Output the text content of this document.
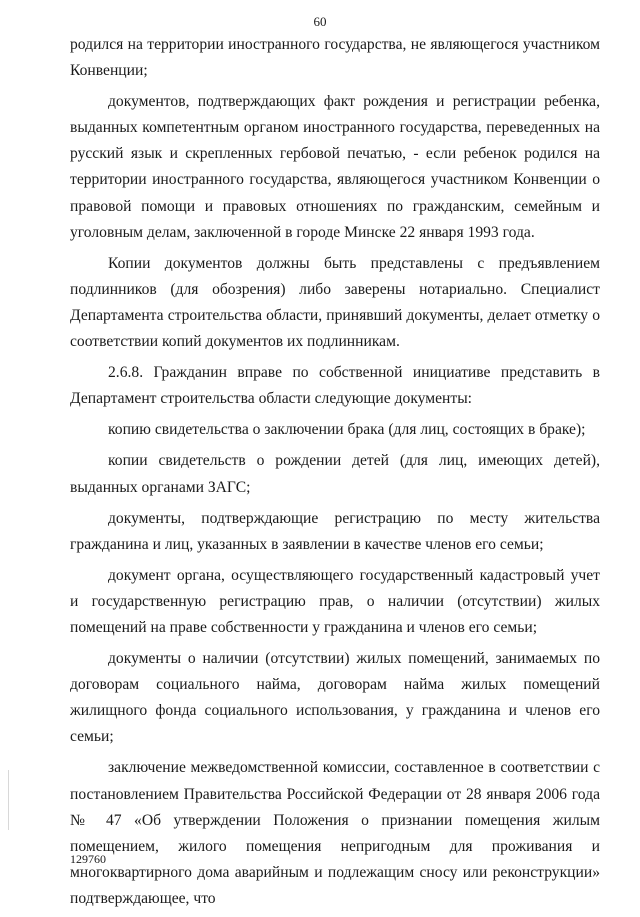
60

родился на территории иностранного государства, не являющегося участником Конвенции;

документов, подтверждающих факт рождения и регистрации ребенка, выданных компетентным органом иностранного государства, переведенных на русский язык и скрепленных гербовой печатью, - если ребенок родился на территории иностранного государства, являющегося участником Конвенции о правовой помощи и правовых отношениях по гражданским, семейным и уголовным делам, заключенной в городе Минске 22 января 1993 года.

Копии документов должны быть представлены с предъявлением подлинников (для обозрения) либо заверены нотариально. Специалист Департамента строительства области, принявший документы, делает отметку о соответствии копий документов их подлинникам.

2.6.8. Гражданин вправе по собственной инициативе представить в Департамент строительства области следующие документы:

копию свидетельства о заключении брака (для лиц, состоящих в браке);

копии свидетельств о рождении детей (для лиц, имеющих детей), выданных органами ЗАГС;

документы, подтверждающие регистрацию по месту жительства гражданина и лиц, указанных в заявлении в качестве членов его семьи;

документ органа, осуществляющего государственный кадастровый учет и государственную регистрацию прав, о наличии (отсутствии) жилых помещений на праве собственности у гражданина и членов его семьи;

документы о наличии (отсутствии) жилых помещений, занимаемых по договорам социального найма, договорам найма жилых помещений жилищного фонда социального использования, у гражданина и членов его семьи;

заключение межведомственной комиссии, составленное в соответствии с постановлением Правительства Российской Федерации от 28 января 2006 года № 47 «Об утверждении Положения о признании помещения жилым помещением, жилого помещения непригодным для проживания и многоквартирного дома аварийным и подлежащим сносу или реконструкции» подтверждающее, что

129760
